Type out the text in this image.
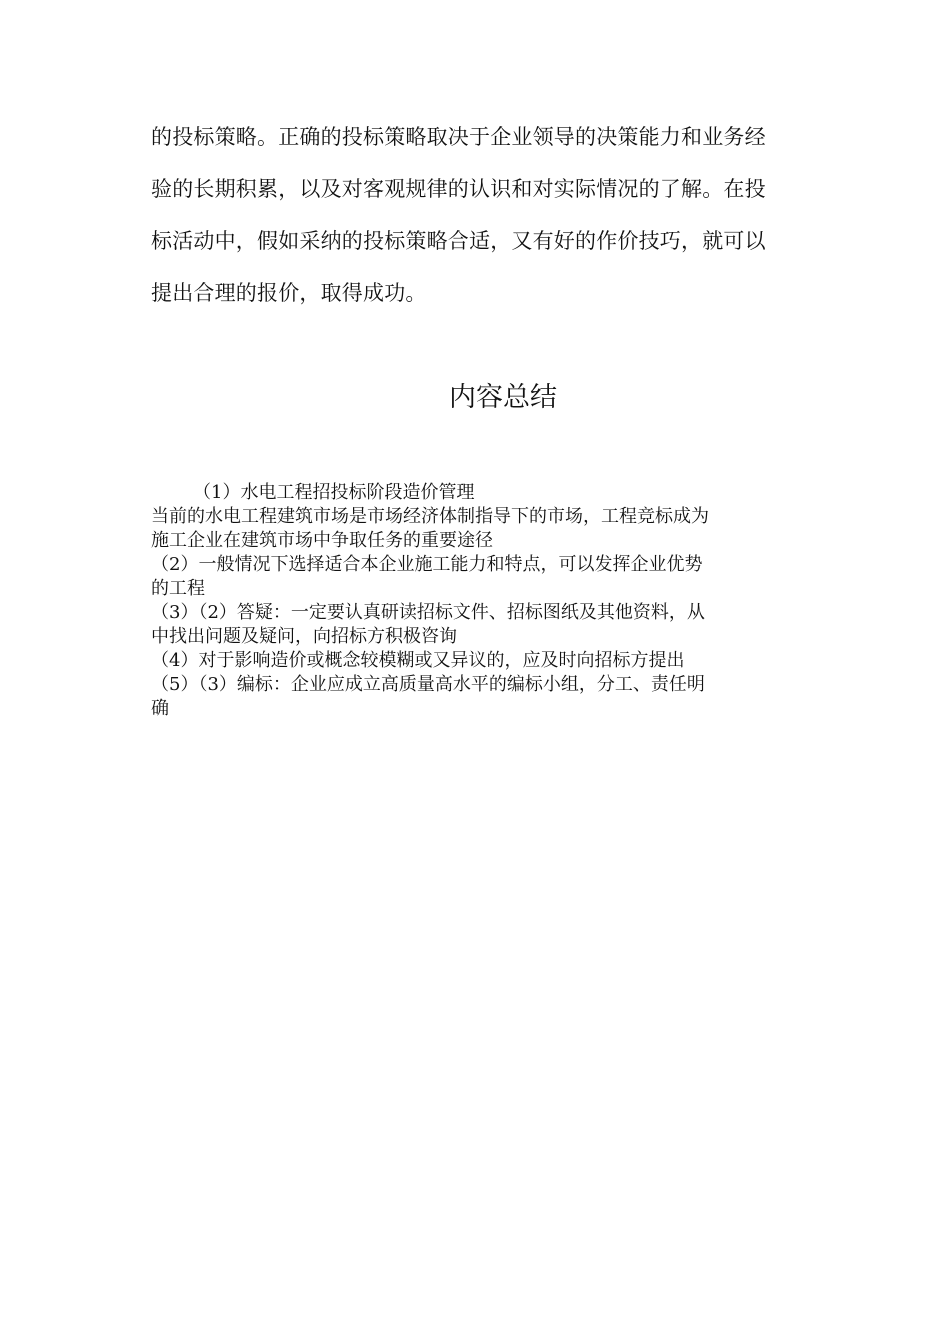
的投标策略。正确的投标策略取决于企业领导的决策能力和业务经
验的长期积累，以及对客观规律的认识和对实际情况的了解。在投
标活动中，假如采纳的投标策略合适，又有好的作价技巧，就可以
提出合理的报价，取得成功。
内容总结
（1）水电工程招投标阶段造价管理
当前的水电工程建筑市场是市场经济体制指导下的市场，工程竞标成为
施工企业在建筑市场中争取任务的重要途径
（2）一般情况下选择适合本企业施工能力和特点，可以发挥企业优势
的工程
（3）（2）答疑：一定要认真研读招标文件、招标图纸及其他资料，从
中找出问题及疑问，向招标方积极咨询
（4）对于影响造价或概念较模糊或又异议的，应及时向招标方提出
（5）（3）编标：企业应成立高质量高水平的编标小组，分工、责任明
确
